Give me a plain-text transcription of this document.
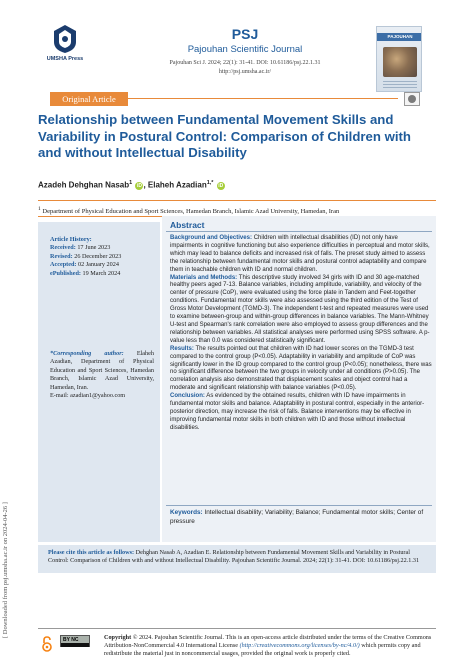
[ Downloaded from psj.umsha.ac.ir on 2024-04-26 ]
UMSHA Press
PSJ
Pajouhan Scientific Journal
Pajouhan Sci J. 2024; 22(1): 31-41. DOI: 10.61186/psj.22.1.31
http://psj.umsha.ac.ir/
PAJOUHAN
Original Article
Relationship between Fundamental Movement Skills and Variability in Postural Control: Comparison of Children with and without Intellectual Disability
Azadeh Dehghan Nasab$^1$ iD , Elaheh Azadian$^{1,*}$ iD
$^1$ Department of Physical Education and Sport Sciences, Hamedan Branch, Islamic Azad University, Hamedan, Iran
Article History:
Received: 17 June 2023
Revised: 26 December 2023
Accepted: 02 January 2024
ePublished: 19 March 2024
*Corresponding author: Elaheh Azadian, Department of Physical Education and Sport Sciences, Hamedan Branch, Islamic Azad University, Hamedan, Iran.
E-mail: azadian1@yahoo.com
Abstract

Background and Objectives: Children with intellectual disabilities (ID) not only have impairments in cognitive functioning but also experience difficulties in perceptual and motor skills, which may lead to balance deficits and increased risk of falls. The preset study aimed to assess the relationship between fundamental motor skills and postural control adaptability and compare them in teachable children with ID and normal children.

Materials and Methods: This descriptive study involved 34 girls with ID and 30 age-matched healthy peers aged 7-13. Balance variables, including amplitude, variability, and velocity of the center of pressure (CoP), were evaluated using the force plate in Tandem and Feet-together conditions. Fundamental motor skills were also assessed using the third edition of the Test of Gross Motor Development (TGMD-3). The independent t-test and repeated measures were used to examine between-group and within-group differences in balance variables. The Mann-Whitney U-test and Spearman's rank correlation were also employed to assess group differences and the relationship between variables. All statistical analyses were performed using SPSS software. A p-value less than 0.0 was considered statistically significant.

Results: The results pointed out that children with ID had lower scores on the TGMD-3 test compared to the control group (P<0.05). Adaptability in variability and amplitude of CoP was significantly lower in the ID group compared to the control group (P<0.05); nonetheless, there was no significant difference between the two groups in velocity under all conditions (P>0.05). The correlation analysis also demonstrated that displacement scales and object control had a moderate and significant relationship with balance variables (P<0.05).

Conclusion: As evidenced by the obtained results, children with ID have impairments in fundamental motor skills and balance. Adaptability in postural control, especially in the anterior-posterior direction, may increase the risk of falls. Balance interventions may be effective in improving fundamental motor skills in both children with ID and those without intellectual disabilities.

Keywords: Intellectual disability; Variability; Balance; Fundamental motor skills; Center of pressure
Please cite this article as follows: Dehghan Nasab A, Azadian E. Relationship between Fundamental Movement Skills and Variability in Postural Control: Comparison of Children with and without Intellectual Disability. Pajouhan Scientific Journal. 2024; 22(1): 31-41. DOI: 10.61186/psj.22.1.31
BY NC	Copyright © 2024. Pajouhan Scientific Journal. This is an open-access article distributed under the terms of the Creative Commons Attribution-NonCommercial 4.0 International License (http://creativecommons.org/licenses/by-nc/4.0/) which permits copy and redistribute the material just in noncommercial usages, provided the original work is properly cited.
